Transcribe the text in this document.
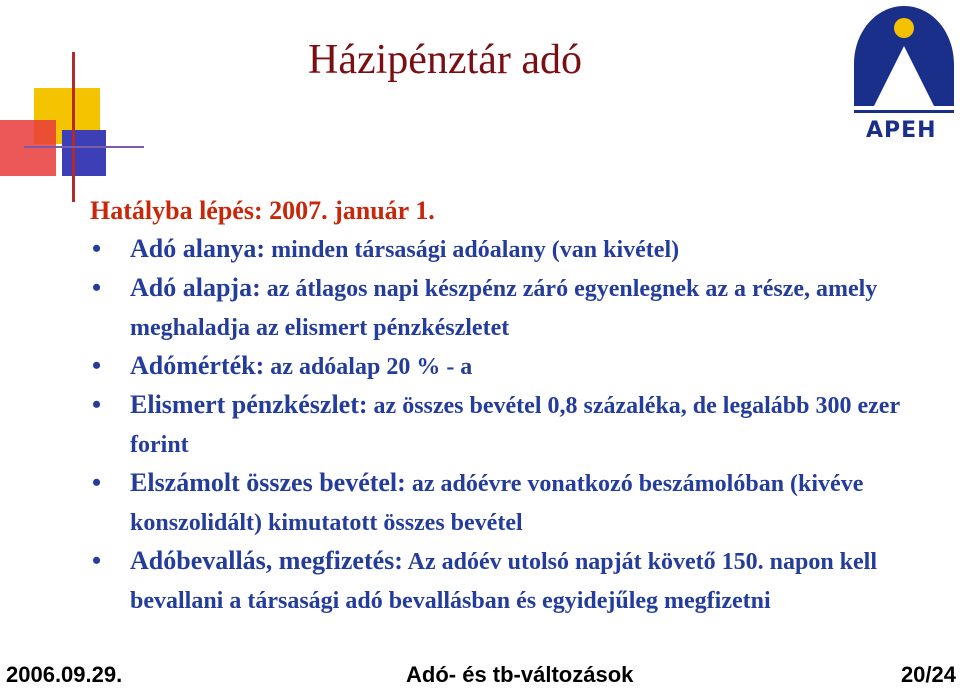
Házipénztár adó
APEH
Hatályba lépés: 2007. január 1.
• Adó alanya: minden társasági adóalany (van kivétel)
• Adó alapja: az átlagos napi készpénz záró egyenlegnek az a része, amely meghaladja az elismert pénzkészletet
• Adómérték: az adóalap 20 % - a
• Elismert pénzkészlet: az összes bevétel 0,8 százaléka, de legalább 300 ezer forint
• Elszámolt összes bevétel: az adóévre vonatkozó beszámolóban (kivéve konszolidált) kimutatott összes bevétel
• Adóbevallás, megfizetés: Az adóév utolsó napját követő 150. napon kell bevallani a társasági adó bevallásban és egyidejűleg megfizetni
2006.09.29.	Adó- és tb-változások	20/24
